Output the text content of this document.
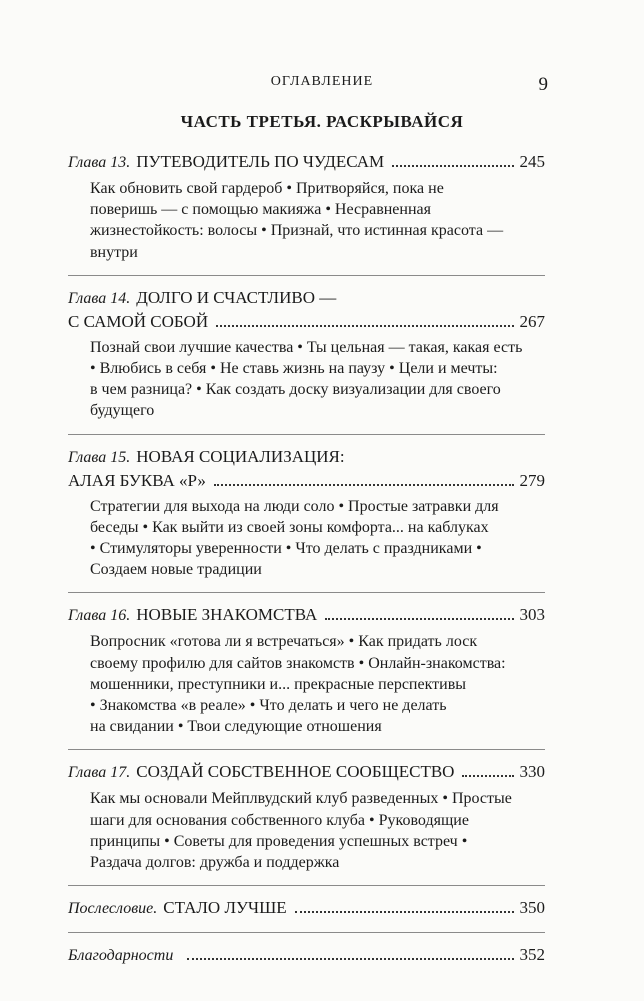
ОГЛАВЛЕНИЕ	9
ЧАСТЬ ТРЕТЬЯ. РАСКРЫВАЙСЯ
Глава 13. ПУТЕВОДИТЕЛЬ ПО ЧУДЕСАМ	245
Как обновить свой гардероб • Притворяйся, пока не
поверишь — с помощью макияжа • Несравненная
жизнестойкость: волосы • Признай, что истинная красота —
внутри
Глава 14. ДОЛГО И СЧАСТЛИВО —
С САМОЙ СОБОЙ	267
Познай свои лучшие качества • Ты цельная — такая, какая есть
• Влюбись в себя • Не ставь жизнь на паузу • Цели и мечты:
в чем разница? • Как создать доску визуализации для своего
будущего
Глава 15. НОВАЯ СОЦИАЛИЗАЦИЯ:
АЛАЯ БУКВА «Р»	279
Стратегии для выхода на люди соло • Простые затравки для
беседы • Как выйти из своей зоны комфорта... на каблуках
• Стимуляторы уверенности • Что делать с праздниками •
Создаем новые традиции
Глава 16. НОВЫЕ ЗНАКОМСТВА	303
Вопросник «готова ли я встречаться» • Как придать лоск
своему профилю для сайтов знакомств • Онлайн-знакомства:
мошенники, преступники и... прекрасные перспективы
• Знакомства «в реале» • Что делать и чего не делать
на свидании • Твои следующие отношения
Глава 17. СОЗДАЙ СОБСТВЕННОЕ СООБЩЕСТВО	330
Как мы основали Мейплвудский клуб разведенных • Простые
шаги для основания собственного клуба • Руководящие
принципы • Советы для проведения успешных встреч •
Раздача долгов: дружба и поддержка
Послесловие. СТАЛО ЛУЧШЕ	350
Благодарности	352
